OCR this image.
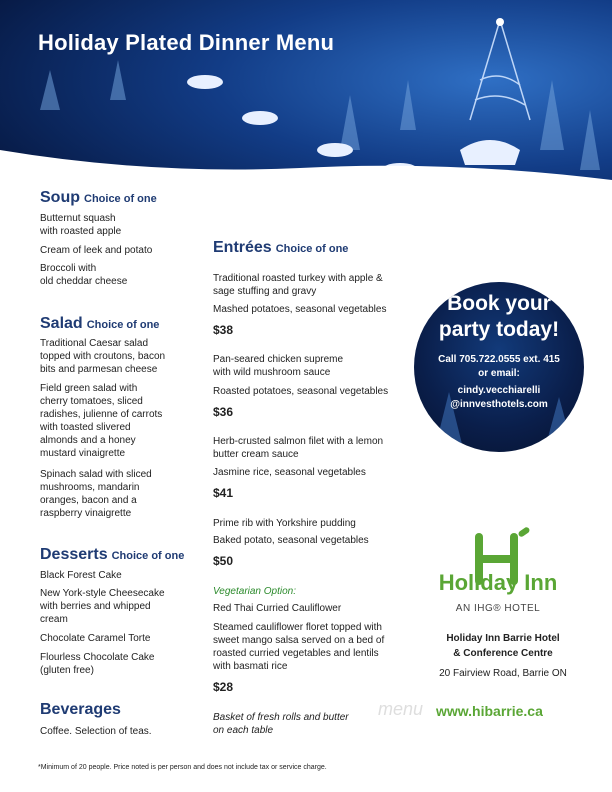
Holiday Plated Dinner Menu
Soup Choice of one
Butternut squash
with roasted apple
Cream of leek and potato
Broccoli with
old cheddar cheese
Salad Choice of one
Traditional Caesar salad
topped with croutons, bacon
bits and parmesan cheese
Field green salad with
cherry tomatoes, sliced
radishes, julienne of carrots
with toasted slivered
almonds and a honey
mustard vinaigrette
Spinach salad with sliced
mushrooms, mandarin
oranges, bacon and a
raspberry vinaigrette
Desserts Choice of one
Black Forest Cake
New York-style Cheesecake
with berries and whipped
cream
Chocolate Caramel Torte
Flourless Chocolate Cake
(gluten free)
Beverages
Coffee. Selection of teas.
Entrées Choice of one
Traditional roasted turkey with apple &
sage stuffing and gravy
Mashed potatoes, seasonal vegetables
$38
Pan-seared chicken supreme
with wild mushroom sauce
Roasted potatoes, seasonal vegetables
$36
Herb-crusted salmon filet with a lemon
butter cream sauce
Jasmine rice, seasonal vegetables
$41
Prime rib with Yorkshire pudding
Baked potato, seasonal vegetables
$50
Vegetarian Option:
Red Thai Curried Cauliflower
Steamed cauliflower floret topped with
sweet mango salsa served on a bed of
roasted curried vegetables and lentils
with basmati rice
$28
Basket of fresh rolls and butter
on each table
Book your
party today!
Call 705.722.0555 ext. 415
or email:
cindy.vecchiarelli
@innvesthotels.com
Holiday Inn
AN IHG® HOTEL
Holiday Inn Barrie Hotel
& Conference Centre
20 Fairview Road, Barrie ON
menu www.hibarrie.ca
*Minimum of 20 people. Price noted is per person and does not include tax or service charge.
